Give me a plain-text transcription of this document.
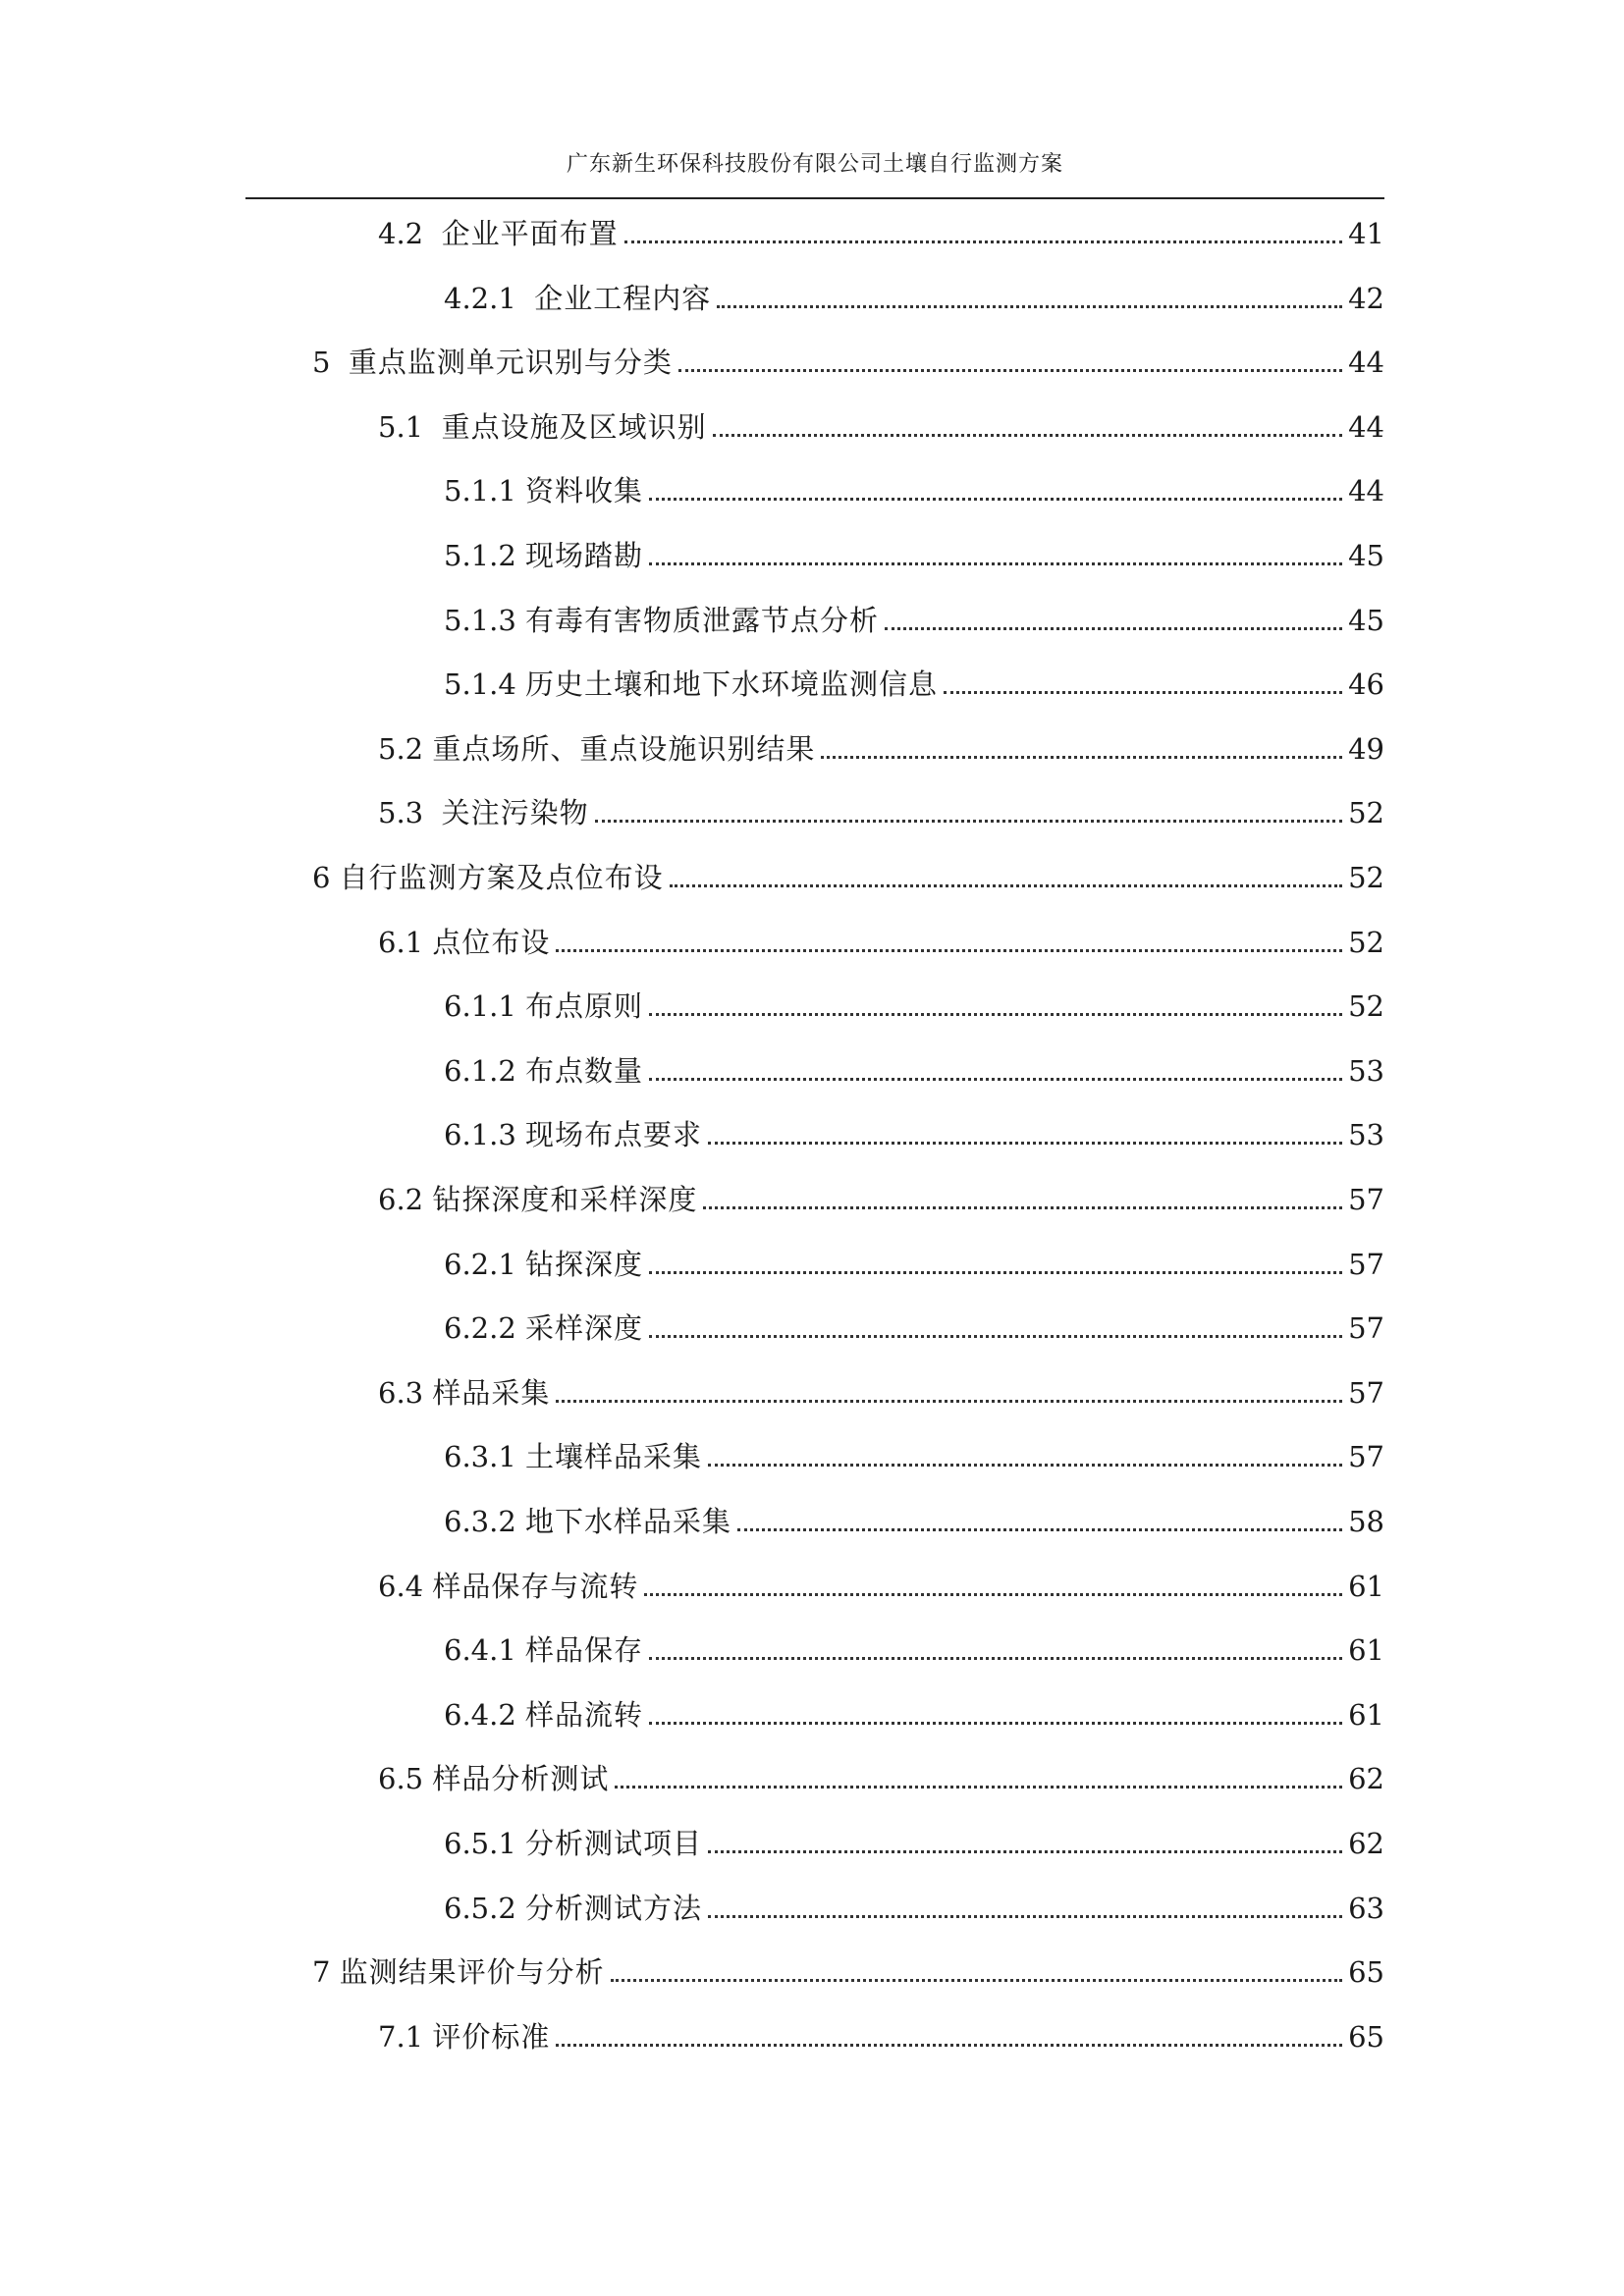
广东新生环保科技股份有限公司土壤自行监测方案
4.2 企业平面布置	41
4.2.1 企业工程内容	42
5 重点监测单元识别与分类	44
5.1 重点设施及区域识别	44
5.1.1 资料收集	44
5.1.2 现场踏勘	45
5.1.3 有毒有害物质泄露节点分析	45
5.1.4 历史土壤和地下水环境监测信息	46
5.2 重点场所、重点设施识别结果	49
5.3 关注污染物	52
6 自行监测方案及点位布设	52
6.1 点位布设	52
6.1.1 布点原则	52
6.1.2 布点数量	53
6.1.3 现场布点要求	53
6.2 钻探深度和采样深度	57
6.2.1 钻探深度	57
6.2.2 采样深度	57
6.3 样品采集	57
6.3.1 土壤样品采集	57
6.3.2 地下水样品采集	58
6.4 样品保存与流转	61
6.4.1 样品保存	61
6.4.2 样品流转	61
6.5 样品分析测试	62
6.5.1 分析测试项目	62
6.5.2 分析测试方法	63
7 监测结果评价与分析	65
7.1 评价标准	65
